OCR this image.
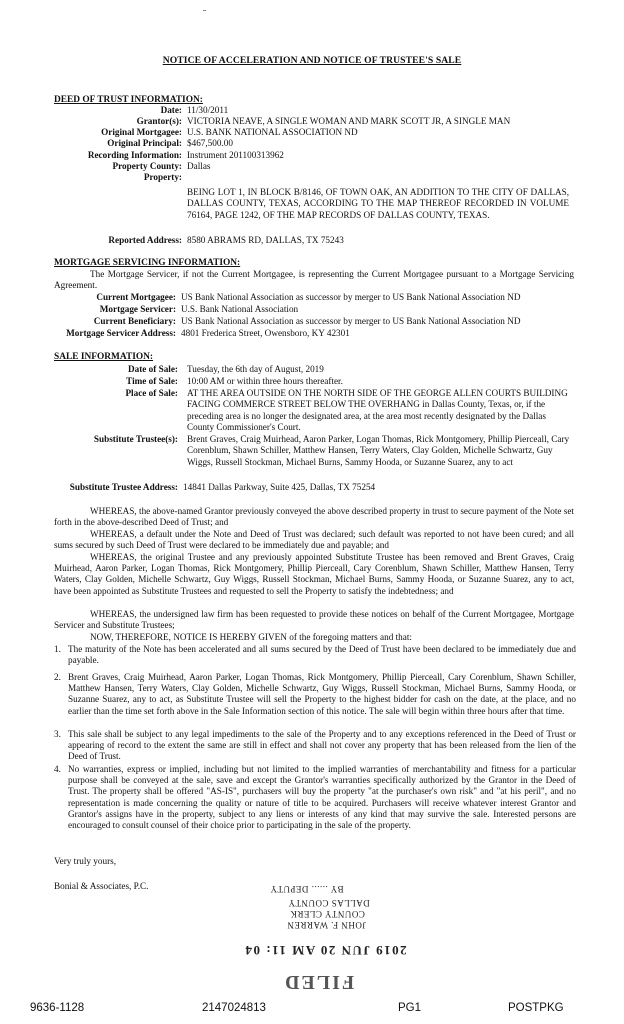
NOTICE OF ACCELERATION AND NOTICE OF TRUSTEE'S SALE
DEED OF TRUST INFORMATION:
Date: 11/30/2011
Grantor(s): VICTORIA NEAVE, A SINGLE WOMAN AND MARK SCOTT JR, A SINGLE MAN
Original Mortgagee: U.S. BANK NATIONAL ASSOCIATION ND
Original Principal: $467,500.00
Recording Information: Instrument 201100313962
Property County: Dallas
Property:
BEING LOT 1, IN BLOCK B/8146, OF TOWN OAK, AN ADDITION TO THE CITY OF DALLAS, DALLAS COUNTY, TEXAS, ACCORDING TO THE MAP THEREOF RECORDED IN VOLUME 76164, PAGE 1242, OF THE MAP RECORDS OF DALLAS COUNTY, TEXAS.
Reported Address: 8580 ABRAMS RD, DALLAS, TX 75243
MORTGAGE SERVICING INFORMATION:
The Mortgage Servicer, if not the Current Mortgagee, is representing the Current Mortgagee pursuant to a Mortgage Servicing Agreement.
Current Mortgagee: US Bank National Association as successor by merger to US Bank National Association ND
Mortgage Servicer: U.S. Bank National Association
Current Beneficiary: US Bank National Association as successor by merger to US Bank National Association ND
Mortgage Servicer Address: 4801 Frederica Street, Owensboro, KY 42301
SALE INFORMATION:
Date of Sale: Tuesday, the 6th day of August, 2019
Time of Sale: 10:00 AM or within three hours thereafter.
Place of Sale: AT THE AREA OUTSIDE ON THE NORTH SIDE OF THE GEORGE ALLEN COURTS BUILDING FACING COMMERCE STREET BELOW THE OVERHANG in Dallas County, Texas, or, if the preceding area is no longer the designated area, at the area most recently designated by the Dallas County Commissioner's Court.
Substitute Trustee(s): Brent Graves, Craig Muirhead, Aaron Parker, Logan Thomas, Rick Montgomery, Phillip Pierceall, Cary Corenblum, Shawn Schiller, Matthew Hansen, Terry Waters, Clay Golden, Michelle Schwartz, Guy Wiggs, Russell Stockman, Michael Burns, Sammy Hooda, or Suzanne Suarez, any to act
Substitute Trustee Address: 14841 Dallas Parkway, Suite 425, Dallas, TX 75254
WHEREAS, the above-named Grantor previously conveyed the above described property in trust to secure payment of the Note set forth in the above-described Deed of Trust; and
WHEREAS, a default under the Note and Deed of Trust was declared; such default was reported to not have been cured; and all sums secured by such Deed of Trust were declared to be immediately due and payable; and
WHEREAS, the original Trustee and any previously appointed Substitute Trustee has been removed and Brent Graves, Craig Muirhead, Aaron Parker, Logan Thomas, Rick Montgomery, Phillip Pierceall, Cary Corenblum, Shawn Schiller, Matthew Hansen, Terry Waters, Clay Golden, Michelle Schwartz, Guy Wiggs, Russell Stockman, Michael Burns, Sammy Hooda, or Suzanne Suarez, any to act, have been appointed as Substitute Trustees and requested to sell the Property to satisfy the indebtedness; and
WHEREAS, the undersigned law firm has been requested to provide these notices on behalf of the Current Mortgagee, Mortgage Servicer and Substitute Trustees;
NOW, THEREFORE, NOTICE IS HEREBY GIVEN of the foregoing matters and that:
1. The maturity of the Note has been accelerated and all sums secured by the Deed of Trust have been declared to be immediately due and payable.
2. Brent Graves, Craig Muirhead, Aaron Parker, Logan Thomas, Rick Montgomery, Phillip Pierceall, Cary Corenblum, Shawn Schiller, Matthew Hansen, Terry Waters, Clay Golden, Michelle Schwartz, Guy Wiggs, Russell Stockman, Michael Burns, Sammy Hooda, or Suzanne Suarez, any to act, as Substitute Trustee will sell the Property to the highest bidder for cash on the date, at the place, and no earlier than the time set forth above in the Sale Information section of this notice. The sale will begin within three hours after that time.
3. This sale shall be subject to any legal impediments to the sale of the Property and to any exceptions referenced in the Deed of Trust or appearing of record to the extent the same are still in effect and shall not cover any property that has been released from the lien of the Deed of Trust.
4. No warranties, express or implied, including but not limited to the implied warranties of merchantability and fitness for a particular purpose shall be conveyed at the sale, save and except the Grantor's warranties specifically authorized by the Grantor in the Deed of Trust. The property shall be offered "AS-IS", purchasers will buy the property "at the purchaser's own risk" and "at his peril", and no representation is made concerning the quality or nature of title to be acquired. Purchasers will receive whatever interest Grantor and Grantor's assigns have in the property, subject to any liens or interests of any kind that may survive the sale. Interested persons are encouraged to consult counsel of their choice prior to participating in the sale of the property.
Very truly yours,
Bonial & Associates, P.C.	BY ...... DEPUTY
DALLAS COUNTY
COUNTY CLERK
JOHN F. WARREN
2019 JUN 20 AM 11: 04
FILED
9636-1128	2147024813	PG1	POSTPKG
